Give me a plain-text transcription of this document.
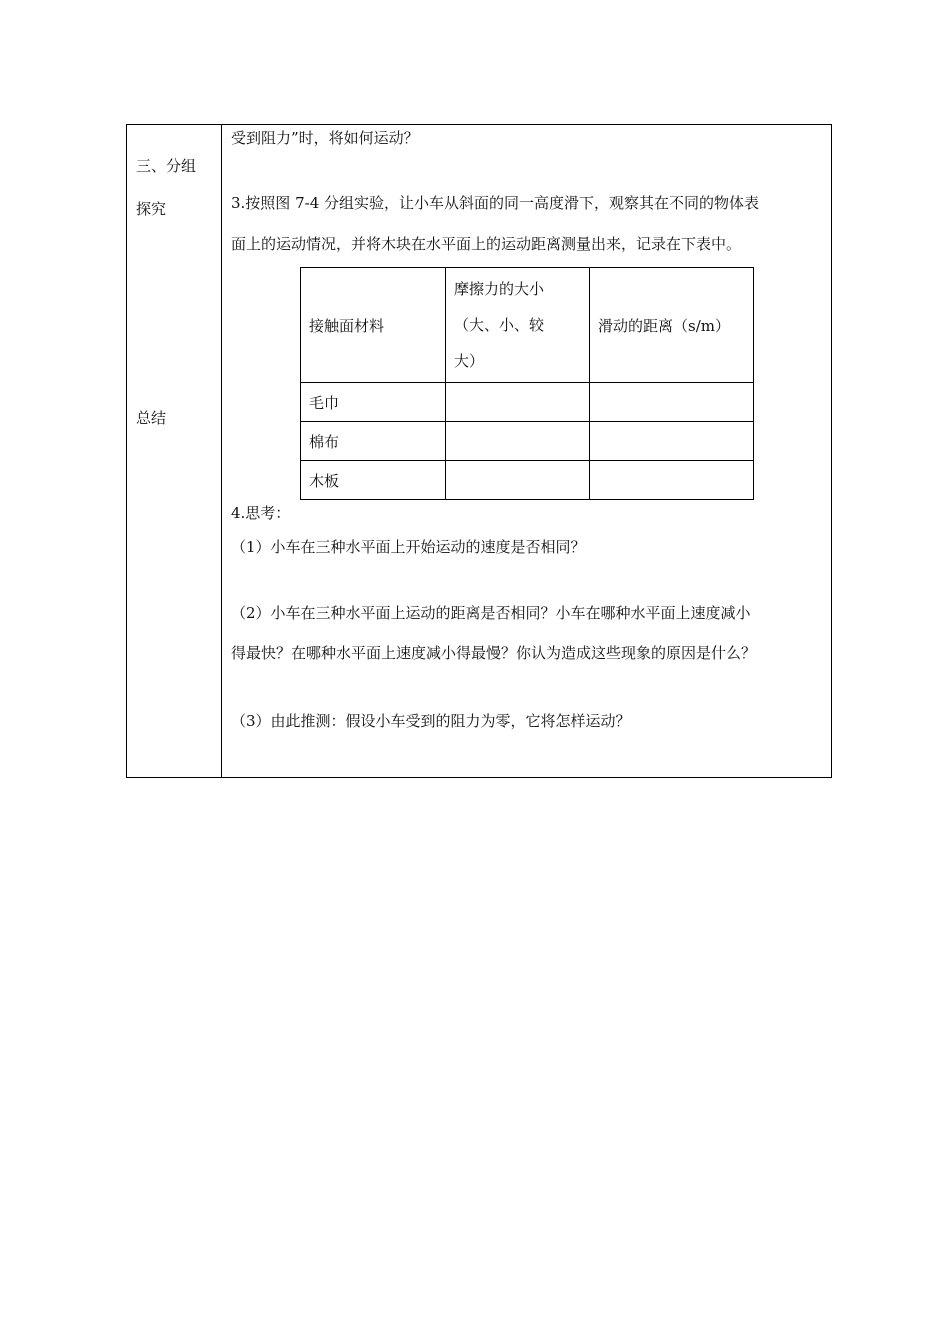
三、分组
探究
总结
受到阻力”时，将如何运动？
3.按照图 7-4 分组实验，让小车从斜面的同一高度滑下，观察其在不同的物体表
面上的运动情况，并将木块在水平面上的运动距离测量出来，记录在下表中。
接触面材料	摩擦力的大小
（大、小、较
大）	滑动的距离（s/m）
毛巾		
棉布		
木板		
4.思考：
（1）小车在三种水平面上开始运动的速度是否相同？
（2）小车在三种水平面上运动的距离是否相同？小车在哪种水平面上速度减小
得最快？在哪种水平面上速度减小得最慢？你认为造成这些现象的原因是什么？
（3）由此推测：假设小车受到的阻力为零，它将怎样运动？
